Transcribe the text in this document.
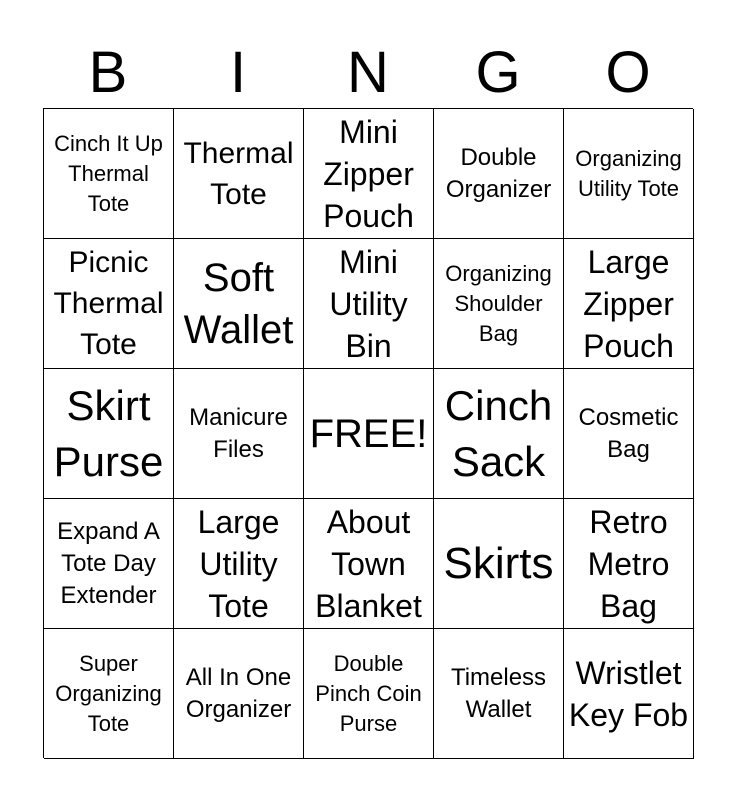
B	I	N	G	O
Cinch It Up Thermal Tote
Thermal Tote
Mini Zipper Pouch
Double Organizer
Organizing Utility Tote
Picnic Thermal Tote
Soft Wallet
Mini Utility Bin
Organizing Shoulder Bag
Large Zipper Pouch
Skirt Purse
Manicure Files	FREE!
Cinch Sack
Cosmetic Bag
Expand A Tote Day Extender
Large Utility Tote
About Town Blanket
Skirts
Retro Metro Bag
Super Organizing Tote
All In One Organizer
Double Pinch Coin Purse
Timeless Wallet
Wristlet Key Fob
